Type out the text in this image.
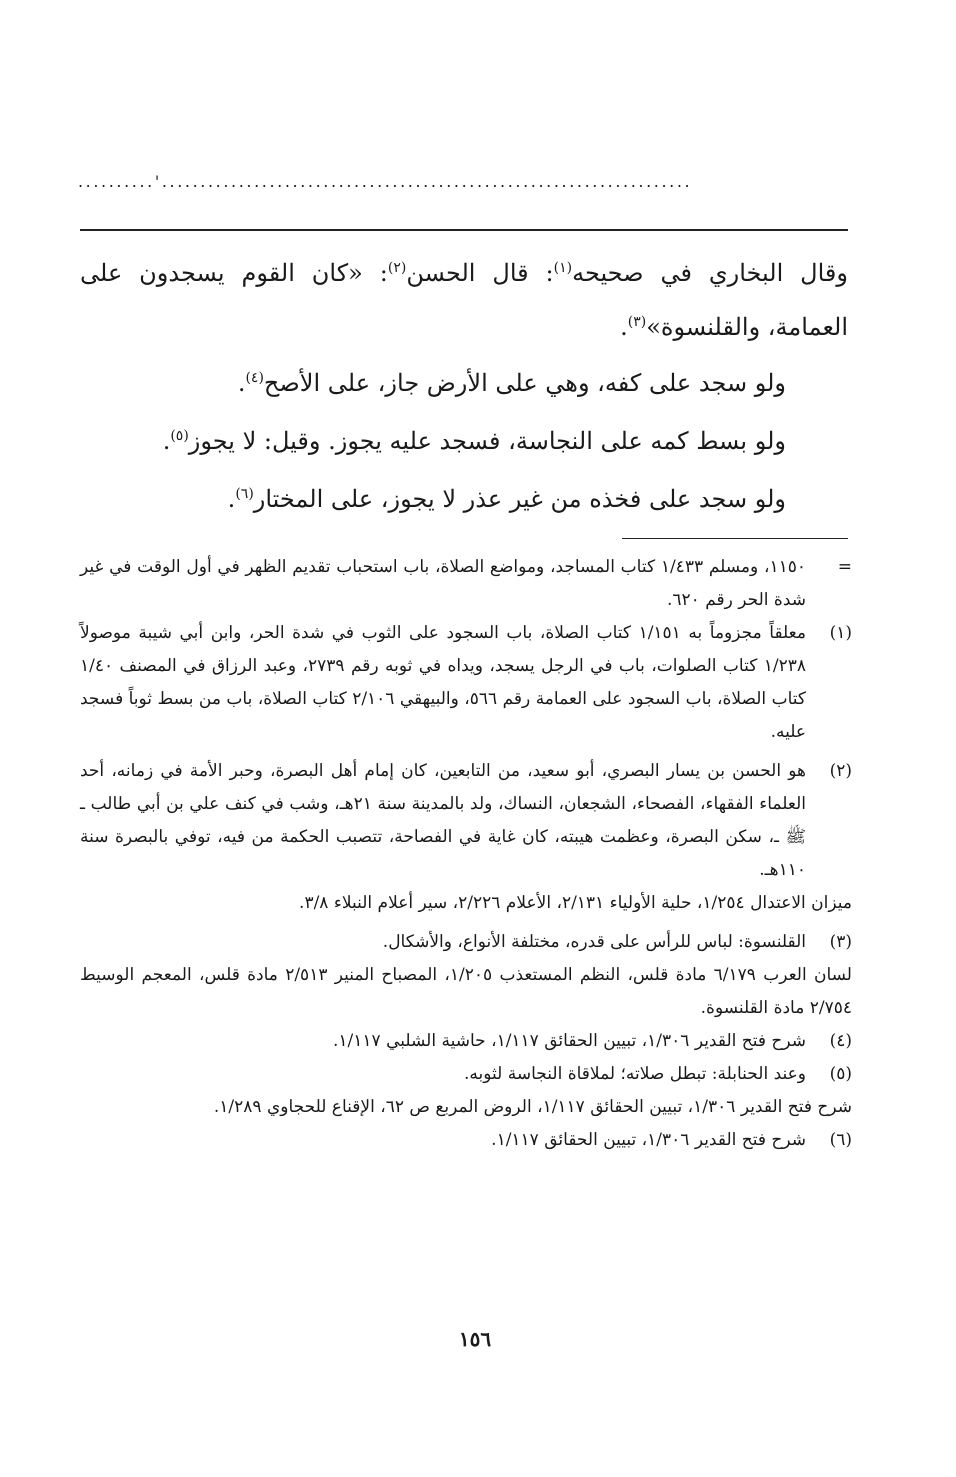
..........'.....................................................................

وقال البخاري في صحيحه$^{(١)}$: قال الحسن$^{(٢)}$: «كان القوم يسجدون على العمامة، والقلنسوة»$^{(٣)}$.

ولو سجد على كفه، وهي على الأرض جاز، على الأصح$^{(٤)}$.

ولو بسط كمه على النجاسة، فسجد عليه يجوز. وقيل: لا يجوز$^{(٥)}$.

ولو سجد على فخذه من غير عذر لا يجوز، على المختار$^{(٦)}$.

=
١١٥٠، ومسلم ١/٤٣٣ كتاب المساجد، ومواضع الصلاة، باب استحباب تقديم الظهر في أول الوقت في غير شدة الحر رقم ٦٢٠.
(١)
معلقاً مجزوماً به ١/١٥١ كتاب الصلاة، باب السجود على الثوب في شدة الحر، وابن أبي شيبة موصولاً ١/٢٣٨ كتاب الصلوات، باب في الرجل يسجد، ويداه في ثوبه رقم ٢٧٣٩، وعبد الرزاق في المصنف ١/٤٠ كتاب الصلاة، باب السجود على العمامة رقم ٥٦٦، والبيهقي ٢/١٠٦ كتاب الصلاة، باب من بسط ثوباً فسجد عليه.
(٢)
هو الحسن بن يسار البصري، أبو سعيد، من التابعين، كان إمام أهل البصرة، وحبر الأمة في زمانه، أحد العلماء الفقهاء، الفصحاء، الشجعان، النساك، ولد بالمدينة سنة ٢١هـ، وشب في كنف علي بن أبي طالب ـ ﷺ ـ، سكن البصرة، وعظمت هيبته، كان غاية في الفصاحة، تتصبب الحكمة من فيه، توفي بالبصرة سنة ١١٠هـ.
ميزان الاعتدال ١/٢٥٤، حلية الأولياء ٢/١٣١، الأعلام ٢/٢٢٦، سير أعلام النبلاء ٣/٨.
(٣)
القلنسوة: لباس للرأس على قدره، مختلفة الأنواع، والأشكال.
لسان العرب ٦/١٧٩ مادة قلس، النظم المستعذب ١/٢٠٥، المصباح المنير ٢/٥١٣ مادة قلس، المعجم الوسيط ٢/٧٥٤ مادة القلنسوة.
(٤)
شرح فتح القدير ١/٣٠٦، تبيين الحقائق ١/١١٧، حاشية الشلبي ١/١١٧.
(٥)
وعند الحنابلة: تبطل صلاته؛ لملاقاة النجاسة لثوبه.
شرح فتح القدير ١/٣٠٦، تبيين الحقائق ١/١١٧، الروض المربع ص ٦٢، الإقناع للحجاوي ١/٢٨٩.
(٦)
شرح فتح القدير ١/٣٠٦، تبيين الحقائق ١/١١٧.
١٥٦
